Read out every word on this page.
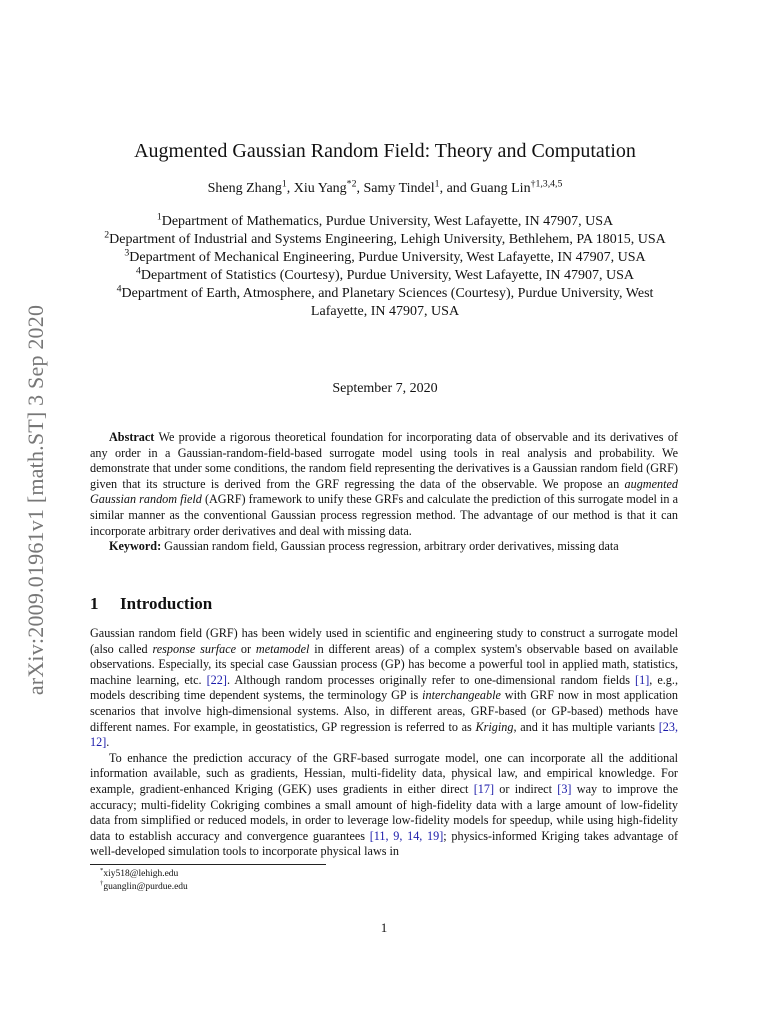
arXiv:2009.01961v1 [math.ST] 3 Sep 2020
Augmented Gaussian Random Field: Theory and Computation
Sheng Zhang$^1$, Xiu Yang$^{*2}$, Samy Tindel$^1$, and Guang Lin$^{\dagger 1,3,4,5}$

$^1$Department of Mathematics, Purdue University, West Lafayette, IN 47907, USA

$^2$Department of Industrial and Systems Engineering, Lehigh University, Bethlehem, PA 18015, USA

$^3$Department of Mechanical Engineering, Purdue University, West Lafayette, IN 47907, USA

$^4$Department of Statistics (Courtesy), Purdue University, West Lafayette, IN 47907, USA

$^4$Department of Earth, Atmosphere, and Planetary Sciences (Courtesy), Purdue University, West Lafayette, IN 47907, USA

September 7, 2020

Abstract We provide a rigorous theoretical foundation for incorporating data of observable and its derivatives of any order in a Gaussian-random-field-based surrogate model using tools in real analysis and probability. We demonstrate that under some conditions, the random field representing the derivatives is a Gaussian random field (GRF) given that its structure is derived from the GRF regressing the data of the observable. We propose an augmented Gaussian random field (AGRF) framework to unify these GRFs and calculate the prediction of this surrogate model in a similar manner as the conventional Gaussian process regression method. The advantage of our method is that it can incorporate arbitrary order derivatives and deal with missing data.

Keyword: Gaussian random field, Gaussian process regression, arbitrary order derivatives, missing data

1 Introduction

Gaussian random field (GRF) has been widely used in scientific and engineering study to construct a surrogate model (also called response surface or metamodel in different areas) of a complex system's observable based on available observations. Especially, its special case Gaussian process (GP) has become a powerful tool in applied math, statistics, machine learning, etc. [22]. Although random processes originally refer to one-dimensional random fields [1], e.g., models describing time dependent systems, the terminology GP is interchangeable with GRF now in most application scenarios that involve high-dimensional systems. Also, in different areas, GRF-based (or GP-based) methods have different names. For example, in geostatistics, GP regression is referred to as Kriging, and it has multiple variants [23, 12].

To enhance the prediction accuracy of the GRF-based surrogate model, one can incorporate all the additional information available, such as gradients, Hessian, multi-fidelity data, physical law, and empirical knowledge. For example, gradient-enhanced Kriging (GEK) uses gradients in either direct [17] or indirect [3] way to improve the accuracy; multi-fidelity Cokriging combines a small amount of high-fidelity data with a large amount of low-fidelity data from simplified or reduced models, in order to leverage low-fidelity models for speedup, while using high-fidelity data to establish accuracy and convergence guarantees [11, 9, 14, 19]; physics-informed Kriging takes advantage of well-developed simulation tools to incorporate physical laws in

*xiy518@lehigh.edu
†guanglin@purdue.edu
1
